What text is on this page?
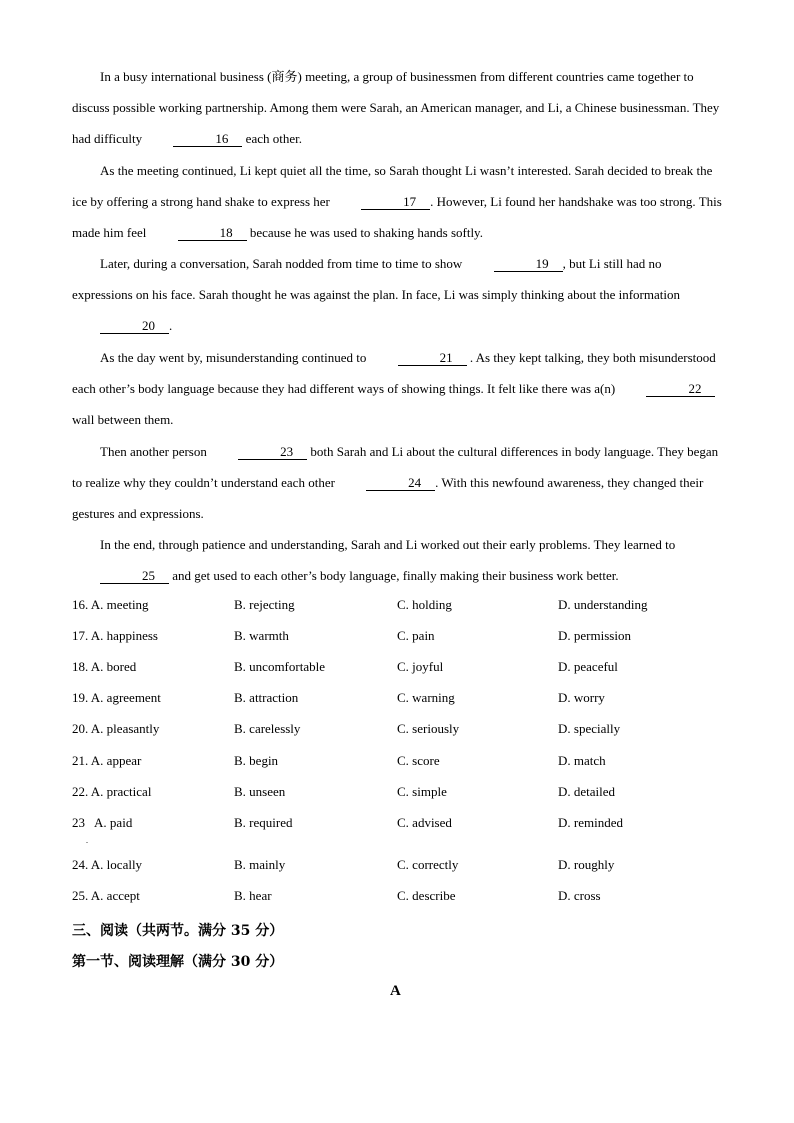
In a busy international business (商务) meeting, a group of businessmen from different countries came together to discuss possible working partnership. Among them were Sarah, an American manager, and Li, a Chinese businessman. They had difficulty	16 each other.

As the meeting continued, Li kept quiet all the time, so Sarah thought Li wasn’t interested. Sarah decided to break the ice by offering a strong hand shake to express her	17 . However, Li found her handshake was too strong. This made him feel	18 because he was used to shaking hands softly.

Later, during a conversation, Sarah nodded from time to time to show	19 , but Li still had no expressions on his face. Sarah thought he was against the plan. In face, Li was simply thinking about the information 20 .

As the day went by, misunderstanding continued to	21 . As they kept talking, they both misunderstood each other’s body language because they had different ways of showing things. It felt like there was a(n)	22 wall between them.

Then another person	23 both Sarah and Li about the cultural differences in body language. They began to realize why they couldn’t understand each other	24 . With this newfound awareness, they changed their gestures and expressions.

In the end, through patience and understanding, Sarah and Li worked out their early problems. They learned to 25 and get used to each other’s body language, finally making their business work better.

16. A. meeting	B. rejecting	C. holding	D. understanding
17. A. happiness	B. warmth	C. pain	D. permission
18. A. bored	B. uncomfortable	C. joyful	D. peaceful
19. A. agreement	B. attraction	C. warning	D. worry
20. A. pleasantly	B. carelessly	C. seriously	D. specially
21. A. appear	B. begin	C. score	D. match
22. A. practical	B. unseen	C. simple	D. detailed
23 A. paid	B. required	C. advised	D. reminded
24. A. locally	B. mainly	C. correctly	D. roughly
25. A. accept	B. hear	C. describe	D. cross
.
三、阅读（共两节。满分 35 分）
第一节、阅读理解（满分 30 分）
A
